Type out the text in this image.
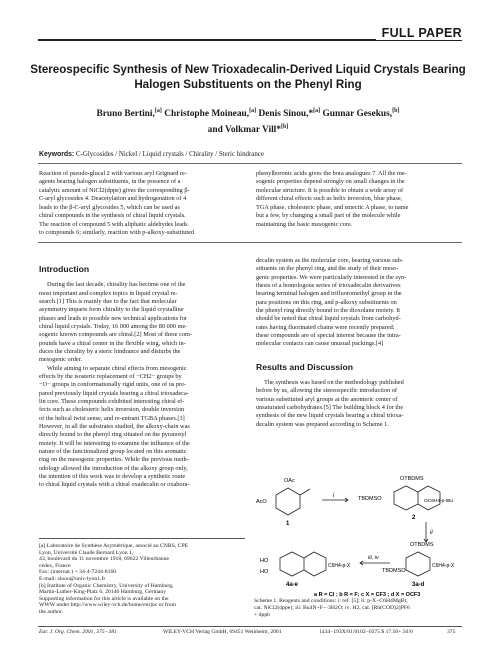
FULL PAPER
Stereospecific Synthesis of New Trioxadecalin-Derived Liquid Crystals Bearing
Halogen Substituents on the Phenyl Ring
Bruno Bertini,[a] Christophe Moineau,[a] Denis Sinou,*[a] Gunnar Gesekus,[b]
and Volkmar Vill*[b]
Keywords: C-Glycosides / Nickel / Liquid crystals / Chirality / Steric hindrance
Reaction of pseudo-glucal 2 with various aryl Grignard re-
agents bearing halogen substituents, in the presence of a
catalytic amount of NiCl2(dppe) gives the corresponding β-
C-aryl glycosides 4. Deacetylation and hydrogenation of 4
leads to the β-C-aryl glycosides 5, which can be used as
chiral compounds in the synthesis of chiral liquid crystals.
The reaction of compound 5 with aliphatic aldehydes leads
to compounds 6; similarly, reaction with p-alkoxy-substituted
phenylboronic acids gives the bora analogues 7. All the me-
sogenic properties depend strongly on small changes in the
molecular structure. It is possible to obtain a wide array of
different chiral effects such as helix inversion, blue phase,
TGA phase, cholesteric phase, and smectic A phase, to name
but a few, by changing a small part of the molecule while
maintaining the basic mesogenic core.
Introduction
During the last decade, chirality has become one of the
most important and complex topics in liquid crystal re-
search.[1] This is mainly due to the fact that molecular
asymmetry imparts form chirality to the liquid crystalline
phases and leads to possible new technical applications for
chiral liquid crystals. Today, 16 000 among the 80 000 me-
sogenic known compounds are chiral.[2] Most of these com-
pounds have a chiral center in the flexible wing, which in-
duces the chirality by a steric hindrance and disturbs the
mesogenic order.
While aiming to separate chiral effects from mesogenic
effects by the isosteric replacement of −CH2− groups by
−O− groups in conformationally rigid units, one of us pre-
pared previously liquid crystals bearing a chiral trioxadeca-
lin core. These compounds exhibited interesting chiral ef-
fects such as cholesteric helix inversion, double inversion
of the helical twist sense, and re-entrant TGBA phases.[3]
However, in all the substrates studied, the alkoxy-chain was
directly bound to the phenyl ring situated on the pyranosyl
moiety. It will be interesting to examine the influence of the
nature of the functionalized group located on this aromatic
ring on the mesogenic properties. While the previous meth-
odology allowed the introduction of the alkoxy group only,
the intention of this work was to develop a synthetic route
to chiral liquid crystals with a chiral oxadecalin or oxabora-
[a] Laboratoire de Synthèse Asymétrique, associé au CNRS, CPE
Lyon, Université Claude Bernard Lyon 1,
43, boulevard du 11 novembre 1918, 69622 Villeurbanne
cédex, France
Fax: (internat.) + 34-4-7244-8160
E-mail: sinou@univ-lyon1.fr
[b] Institute of Organic Chemistry, University of Hamburg,
Martin-Luther-King-Platz 6, 20146 Hamburg, Germany
Supporting information for this article is available on the
WWW under http://www.wiley-vch.de/home/eurjoc or from
the author.
decalin system as the molecular core, bearing various sub-
stituents on the phenyl ring, and the study of their meso-
genic properties. We were particularly interested in the syn-
thesis of a homologous series of trioxadecalin derivatives
bearing terminal halogen and trifluoromethyl group in the
para positions on this ring, and p-alkoxy substituents on
the phenyl ring directly bound to the dioxolane moiety. It
should be noted that chiral liquid crystals from carbohyd-
rates having fluorinated chains were recently prepared;
these compounds are of special interest because the intra-
molecular contacts can cause unusual packings.[4]
Results and Discussion
The synthesis was based on the methodology published
before by us, allowing the stereospecific introduction of
various substituted aryl groups at the anomeric center of
unsaturated carbohydrates.[5] The building block 4 for the
synthesis of the new liquid crystals bearing a chiral trioxa-
decalin system was prepared according to Scheme 1.
OAc
AcO
1
i
OTBDMS
TBDMSO	OC6H4-p-tBu
2
ii
HO
HO
C6H4-p-X
4a-e
iii, iv
OTBDMS
TBDMSO
C6H4-p-X
3a-d
a R = Cl ; b R = F; c X = CF3 ; d X = OCF3
Scheme 1. Reagents and conditions: i: ref. [5]; ii: p-X−C6H4MgBr,
cat. NiCl2(dppe); iii: Bu4N+F−·3H2O; iv: H2, cat. [Rh(COD)2]PF6
+ dppb
Eur. J. Org. Chem. 2001, 375−381	WILEY-VCH Verlag GmbH, 69451 Weinheim, 2001	1434−193X/01/0102−0375 $ 17.50+.50/0	375
